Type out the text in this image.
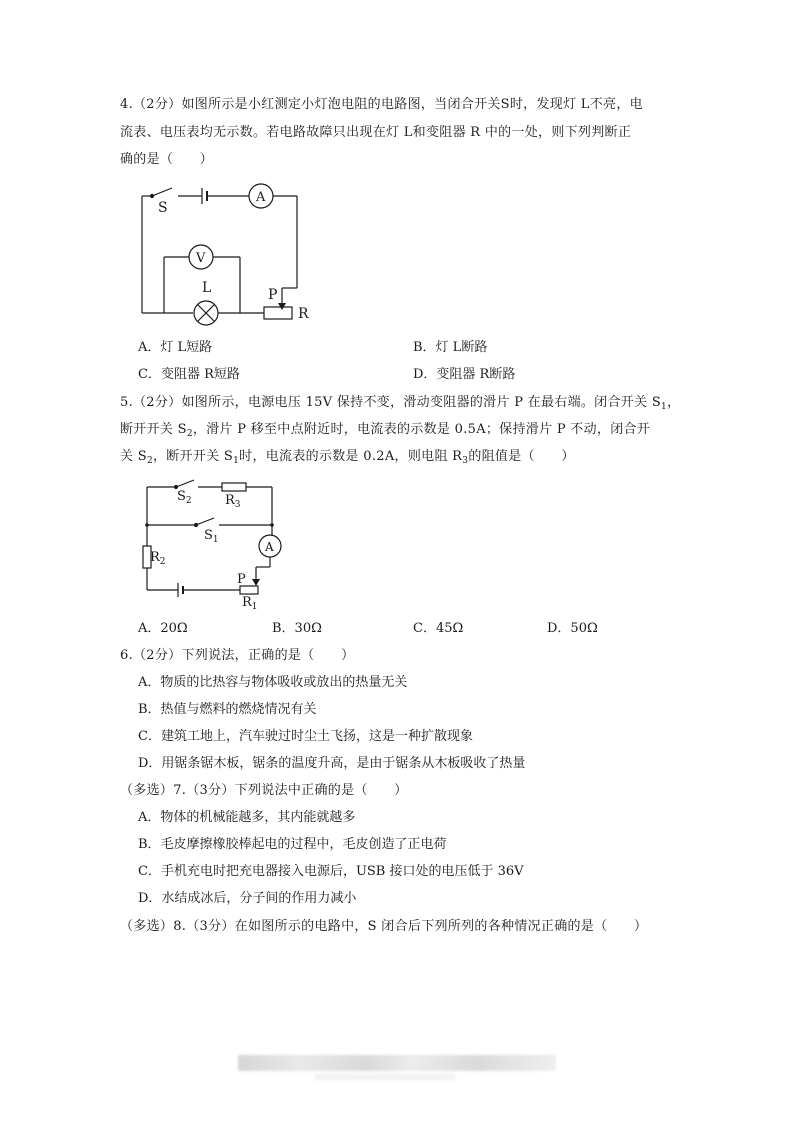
4.（2分）如图所示是小红测定小灯泡电阻的电路图，当闭合开关S时，发现灯 L不亮，电
流表、电压表均无示数。若电路故障只出现在灯 L和变阻器 R 中的一处，则下列判断正
确的是（　　）
S
A
V
L	P
R
A．灯 L短路	B．灯 L断路
C．变阻器 R短路	D．变阻器 R断路
5.（2分）如图所示，电源电压 15V 保持不变，滑动变阻器的滑片 P 在最右端。闭合开关 $S_1$，
断开开关 $S_2$，滑片 P 移至中点附近时，电流表的示数是 0.5A；保持滑片 P 不动，闭合开
关 $S_2$，断开开关 $S_1$时，电流表的示数是 0.2A，则电阻 $R_3$的阻值是（　　）
$S_2$	$R_3$
$S_1$
$R_2$
A
P
$R_1$
A．20Ω	B．30Ω	C．45Ω	D．50Ω
6.（2分）下列说法，正确的是（　　）
A．物质的比热容与物体吸收或放出的热量无关
B．热值与燃料的燃烧情况有关
C．建筑工地上，汽车驶过时尘土飞扬，这是一种扩散现象
D．用锯条锯木板，锯条的温度升高，是由于锯条从木板吸收了热量
（多选）7.（3分）下列说法中正确的是（　　）
A．物体的机械能越多，其内能就越多
B．毛皮摩擦橡胶棒起电的过程中，毛皮创造了正电荷
C．手机充电时把充电器接入电源后，USB 接口处的电压低于 36V
D．水结成冰后，分子间的作用力减小
（多选）8.（3分）在如图所示的电路中，S 闭合后下列所列的各种情况正确的是（　　）
